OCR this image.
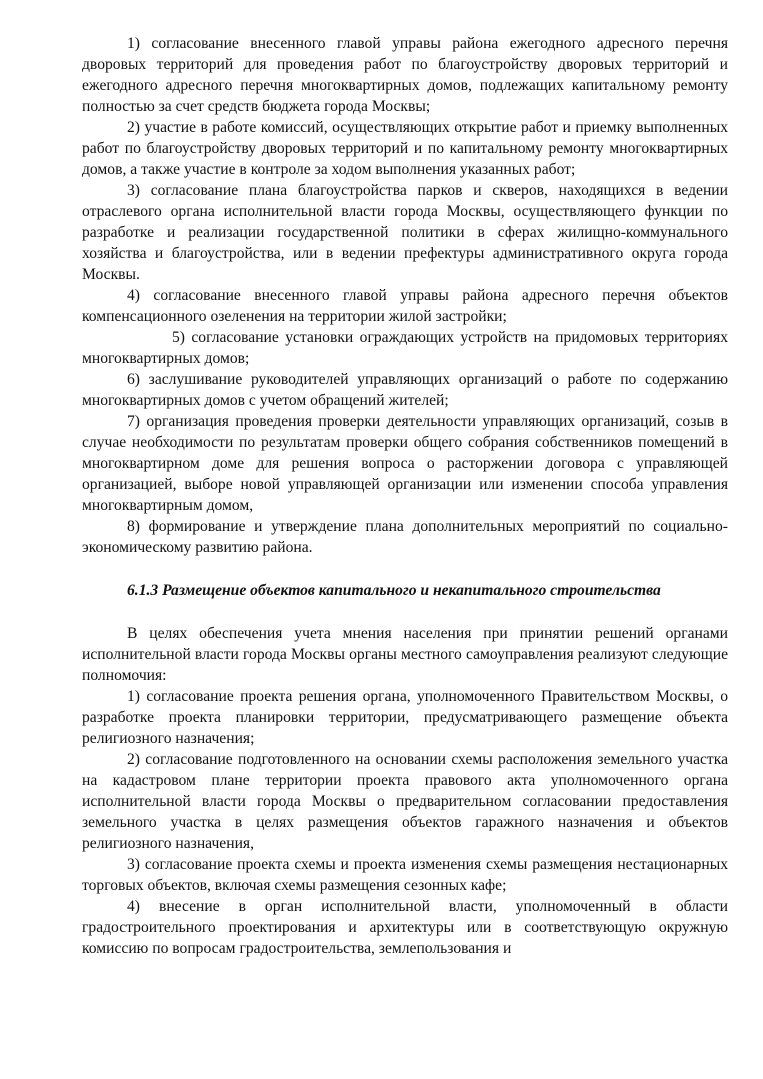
1) согласование внесенного главой управы района ежегодного адресного перечня дворовых территорий для проведения работ по благоустройству дворовых территорий и ежегодного адресного перечня многоквартирных домов, подлежащих капитальному ремонту полностью за счет средств бюджета города Москвы;

2) участие в работе комиссий, осуществляющих открытие работ и приемку выполненных работ по благоустройству дворовых территорий и по капитальному ремонту многоквартирных домов, а также участие в контроле за ходом выполнения указанных работ;

3) согласование плана благоустройства парков и скверов, находящихся в ведении отраслевого органа исполнительной власти города Москвы, осуществляющего функции по разработке и реализации государственной политики в сферах жилищно-коммунального хозяйства и благоустройства, или в ведении префектуры административного округа города Москвы.

4) согласование внесенного главой управы района адресного перечня объектов компенсационного озеленения на территории жилой застройки;

5) согласование установки ограждающих устройств на придомовых территориях многоквартирных домов;

6) заслушивание руководителей управляющих организаций о работе по содержанию многоквартирных домов с учетом обращений жителей;

7) организация проведения проверки деятельности управляющих организаций, созыв в случае необходимости по результатам проверки общего собрания собственников помещений в многоквартирном доме для решения вопроса о расторжении договора с управляющей организацией, выборе новой управляющей организации или изменении способа управления многоквартирным домом,

8) формирование и утверждение плана дополнительных мероприятий по социально-экономическому развитию района.

6.1.3 Размещение объектов капитального и некапитального строительства

В целях обеспечения учета мнения населения при принятии решений органами исполнительной власти города Москвы органы местного самоуправления реализуют следующие полномочия:

1) согласование проекта решения органа, уполномоченного Правительством Москвы, о разработке проекта планировки территории, предусматривающего размещение объекта религиозного назначения;

2) согласование подготовленного на основании схемы расположения земельного участка на кадастровом плане территории проекта правового акта уполномоченного органа исполнительной власти города Москвы о предварительном согласовании предоставления земельного участка в целях размещения объектов гаражного назначения и объектов религиозного назначения,

3) согласование проекта схемы и проекта изменения схемы размещения нестационарных торговых объектов, включая схемы размещения сезонных кафе;

4) внесение в орган исполнительной власти, уполномоченный в области градостроительного проектирования и архитектуры или в соответствующую окружную комиссию по вопросам градостроительства, землепользования и
